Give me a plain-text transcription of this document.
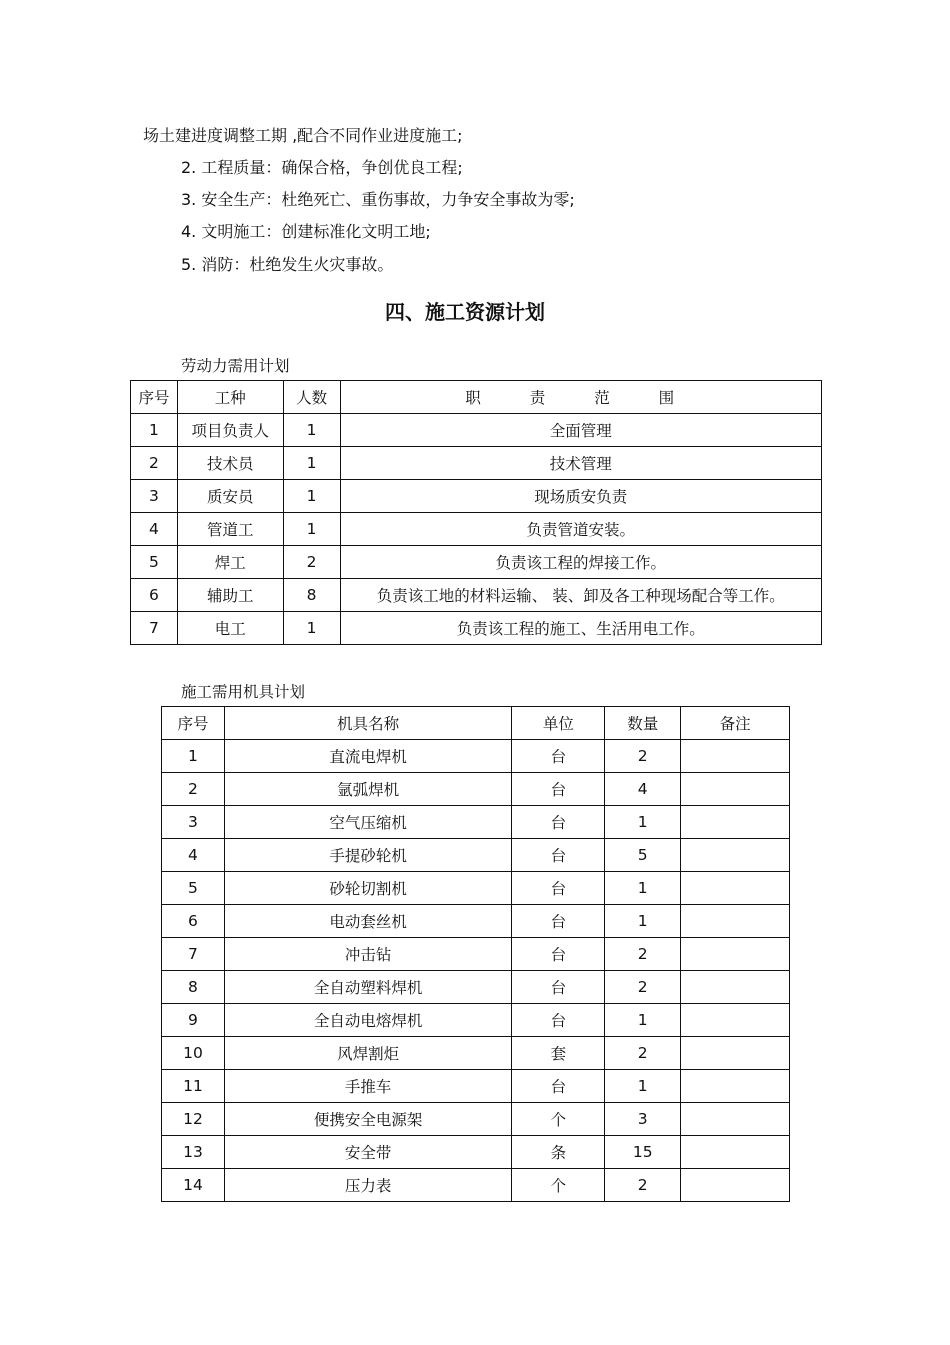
场土建进度调整工期 ,配合不同作业进度施工;
2. 工程质量：确保合格，争创优良工程;
3. 安全生产：杜绝死亡、重伤事故，力争安全事故为零;
4. 文明施工：创建标准化文明工地;
5. 消防：杜绝发生火灾事故。
四、施工资源计划
劳动力需用计划
序号	工种	人数	职 责 范 围
1	项目负责人	1	全面管理
2	技术员	1	技术管理
3	质安员	1	现场质安负责
4	管道工	1	负责管道安装。
5	焊工	2	负责该工程的焊接工作。
6	辅助工	8	负责该工地的材料运输、 装、卸及各工种现场配合等工作。
7	电工	1	负责该工程的施工、生活用电工作。
施工需用机具计划
序号	机具名称	单位	数量	备注
1	直流电焊机	台	2	
2	氩弧焊机	台	4	
3	空气压缩机	台	1	
4	手提砂轮机	台	5	
5	砂轮切割机	台	1	
6	电动套丝机	台	1	
7	冲击钻	台	2	
8	全自动塑料焊机	台	2	
9	全自动电熔焊机	台	1	
10	风焊割炬	套	2	
11	手推车	台	1	
12	便携安全电源架	个	3	
13	安全带	条	15	
14	压力表	个	2	
